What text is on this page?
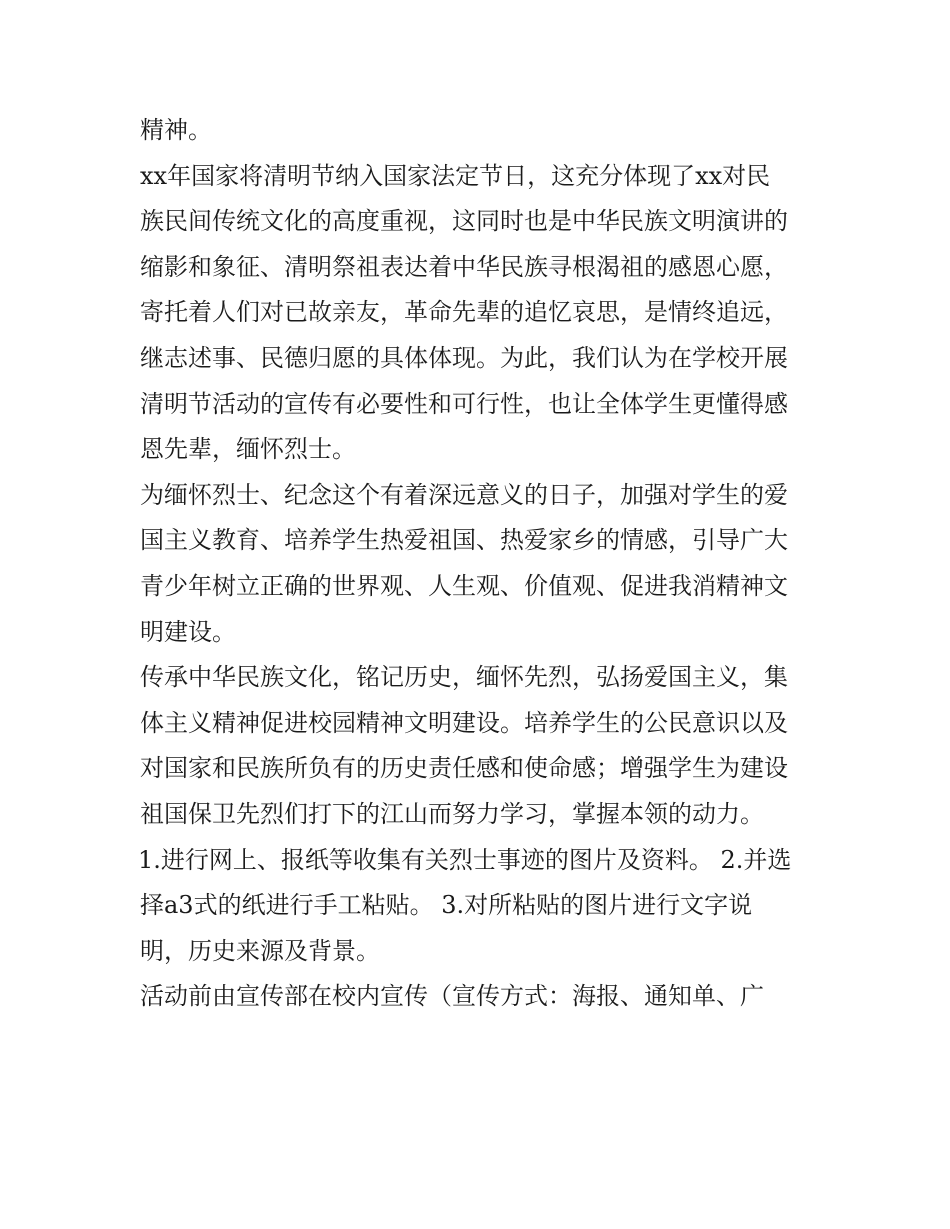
精神。
xx年国家将清明节纳入国家法定节日，这充分体现了xx对民
族民间传统文化的高度重视，这同时也是中华民族文明演讲的
缩影和象征、清明祭祖表达着中华民族寻根渴祖的感恩心愿，
寄托着人们对已故亲友，革命先辈的追忆哀思，是情终追远，
继志述事、民德归愿的具体体现。为此，我们认为在学校开展
清明节活动的宣传有必要性和可行性，也让全体学生更懂得感
恩先辈，缅怀烈士。
为缅怀烈士、纪念这个有着深远意义的日子，加强对学生的爱
国主义教育、培养学生热爱祖国、热爱家乡的情感，引导广大
青少年树立正确的世界观、人生观、价值观、促进我消精神文
明建设。
传承中华民族文化，铭记历史，缅怀先烈，弘扬爱国主义，集
体主义精神促进校园精神文明建设。培养学生的公民意识以及
对国家和民族所负有的历史责任感和使命感；增强学生为建设
祖国保卫先烈们打下的江山而努力学习，掌握本领的动力。
1.进行网上、报纸等收集有关烈士事迹的图片及资料。 2.并选
择a3式的纸进行手工粘贴。 3.对所粘贴的图片进行文字说
明，历史来源及背景。
活动前由宣传部在校内宣传（宣传方式：海报、通知单、广
